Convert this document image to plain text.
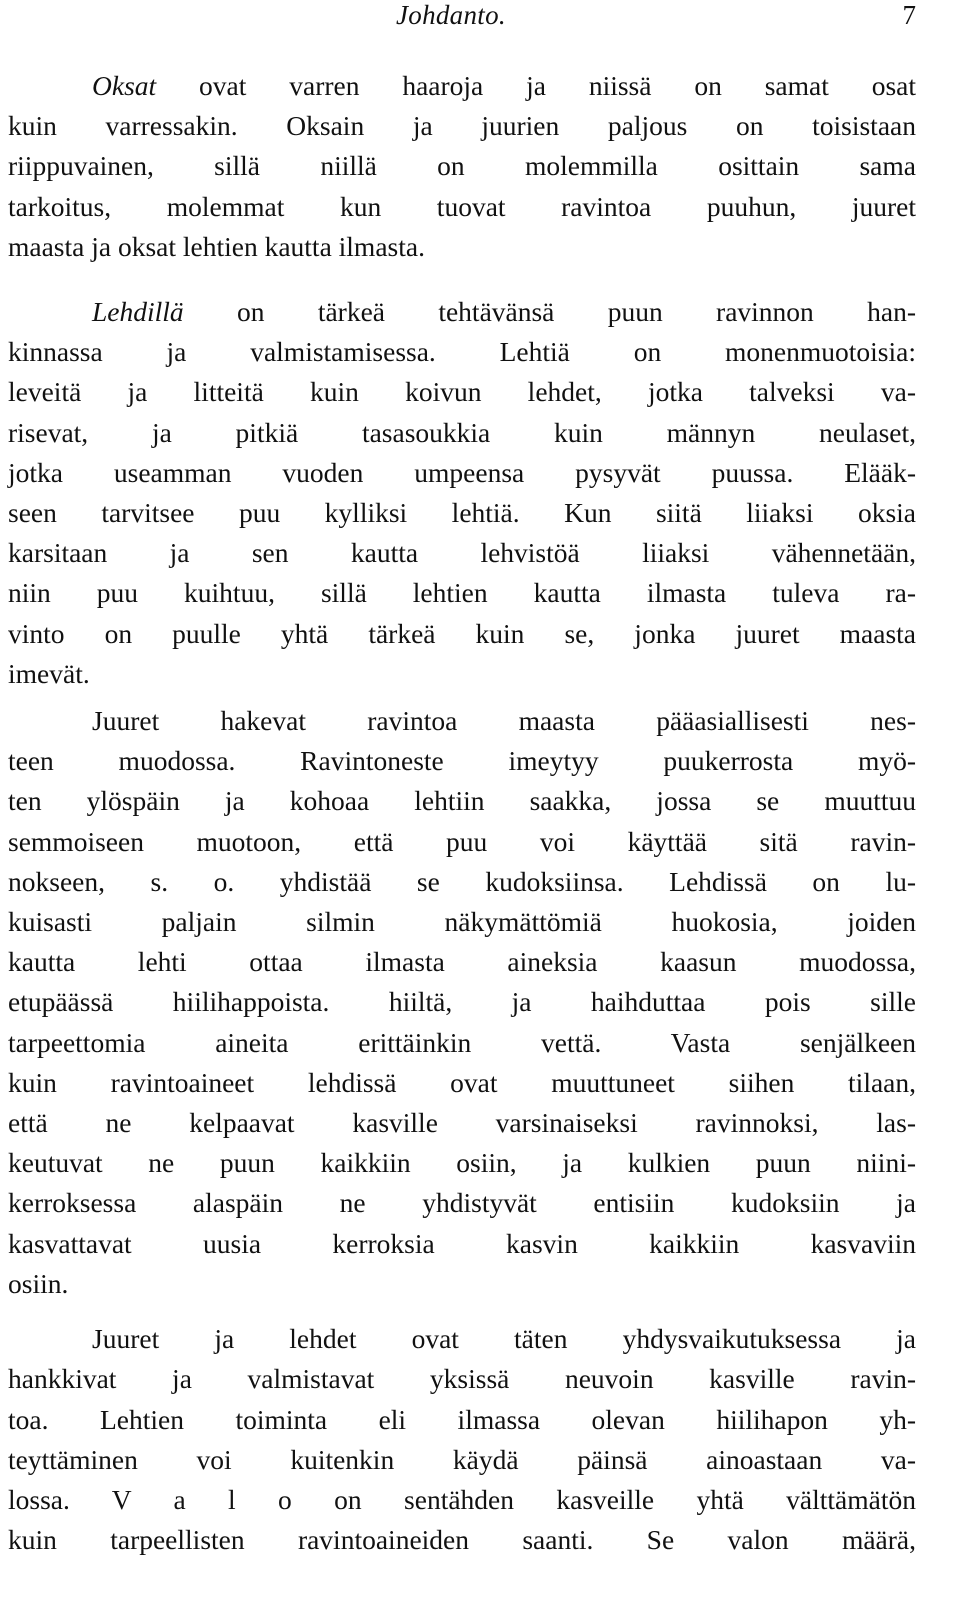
Johdanto.	7

Oksat ovat varren haaroja ja niissä on samat osat
kuin varressakin. Oksain ja juurien paljous on toisistaan
riippuvainen, sillä niillä on molemmilla osittain sama
tarkoitus, molemmat kun tuovat ravintoa puuhun, juuret
maasta ja oksat lehtien kautta ilmasta.

Lehdillä on tärkeä tehtävänsä puun ravinnon han-
kinnassa ja valmistamisessa. Lehtiä on monenmuotoisia:
leveitä ja litteitä kuin koivun lehdet, jotka talveksi va-
risevat, ja pitkiä tasasoukkia kuin männyn neulaset,
jotka useamman vuoden umpeensa pysyvät puussa. Elääk-
seen tarvitsee puu kylliksi lehtiä. Kun siitä liiaksi oksia
karsitaan ja sen kautta lehvistöä liiaksi vähennetään,
niin puu kuihtuu, sillä lehtien kautta ilmasta tuleva ra-
vinto on puulle yhtä tärkeä kuin se, jonka juuret maasta
imevät.

Juuret hakevat ravintoa maasta pääasiallisesti nes-
teen muodossa. Ravintoneste imeytyy puukerrosta myö-
ten ylöspäin ja kohoaa lehtiin saakka, jossa se muuttuu
semmoiseen muotoon, että puu voi käyttää sitä ravin-
nokseen, s. o. yhdistää se kudoksiinsa. Lehdissä on lu-
kuisasti paljain silmin näkymättömiä huokosia, joiden
kautta lehti ottaa ilmasta aineksia kaasun muodossa,
etupäässä hiilihappoista. hiiltä, ja haihduttaa pois sille
tarpeettomia aineita erittäinkin vettä. Vasta senjälkeen
kuin ravintoaineet lehdissä ovat muuttuneet siihen tilaan,
että ne kelpaavat kasville varsinaiseksi ravinnoksi, las-
keutuvat ne puun kaikkiin osiin, ja kulkien puun niini-
kerroksessa alaspäin ne yhdistyvät entisiin kudoksiin ja
kasvattavat uusia kerroksia kasvin kaikkiin kasvaviin
osiin.

Juuret ja lehdet ovat täten yhdysvaikutuksessa ja
hankkivat ja valmistavat yksissä neuvoin kasville ravin-
toa. Lehtien toiminta eli ilmassa olevan hiilihapon yh-
teyttäminen voi kuitenkin käydä päinsä ainoastaan va-
lossa. V a l o on sentähden kasveille yhtä välttämätön
kuin tarpeellisten ravintoaineiden saanti. Se valon määrä,
